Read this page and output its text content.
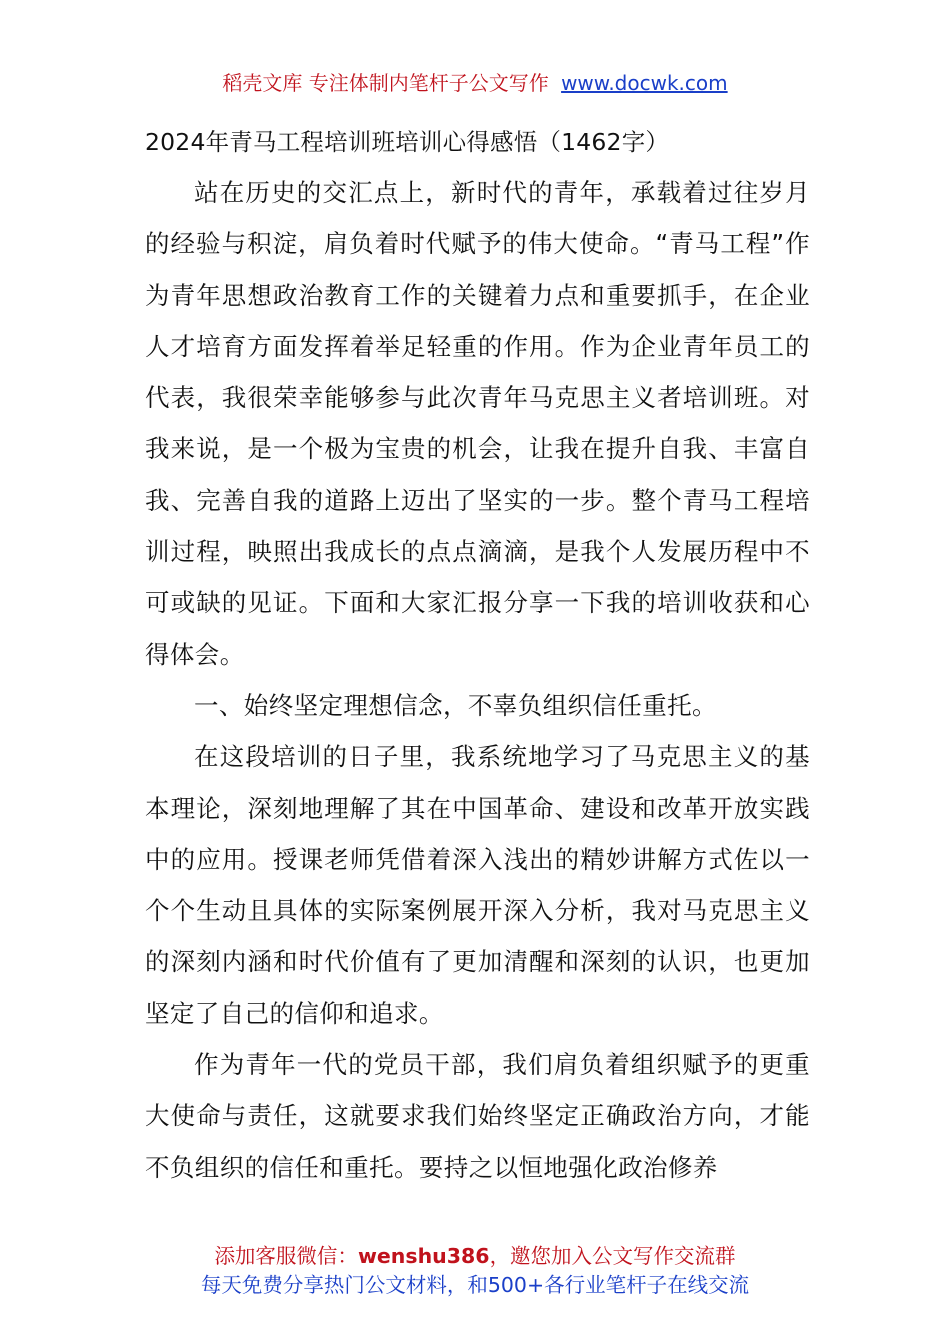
稻壳文库 专注体制内笔杆子公文写作 www.docwk.com
2024年青马工程培训班培训心得感悟（1462字）

站在历史的交汇点上，新时代的青年，承载着过往岁月的经验与积淀，肩负着时代赋予的伟大使命。“青马工程”作为青年思想政治教育工作的关键着力点和重要抓手，在企业人才培育方面发挥着举足轻重的作用。作为企业青年员工的代表，我很荣幸能够参与此次青年马克思主义者培训班。对我来说，是一个极为宝贵的机会，让我在提升自我、丰富自我、完善自我的道路上迈出了坚实的一步。整个青马工程培训过程，映照出我成长的点点滴滴，是我个人发展历程中不可或缺的见证。下面和大家汇报分享一下我的培训收获和心得体会。

一、始终坚定理想信念，不辜负组织信任重托。

在这段培训的日子里，我系统地学习了马克思主义的基本理论，深刻地理解了其在中国革命、建设和改革开放实践中的应用。授课老师凭借着深入浅出的精妙讲解方式佐以一个个生动且具体的实际案例展开深入分析，我对马克思主义的深刻内涵和时代价值有了更加清醒和深刻的认识，也更加坚定了自己的信仰和追求。

作为青年一代的党员干部，我们肩负着组织赋予的更重大使命与责任，这就要求我们始终坚定正确政治方向，才能不负组织的信任和重托。要持之以恒地强化政治修养

添加客服微信：wenshu386，邀您加入公文写作交流群
每天免费分享热门公文材料，和500+各行业笔杆子在线交流
